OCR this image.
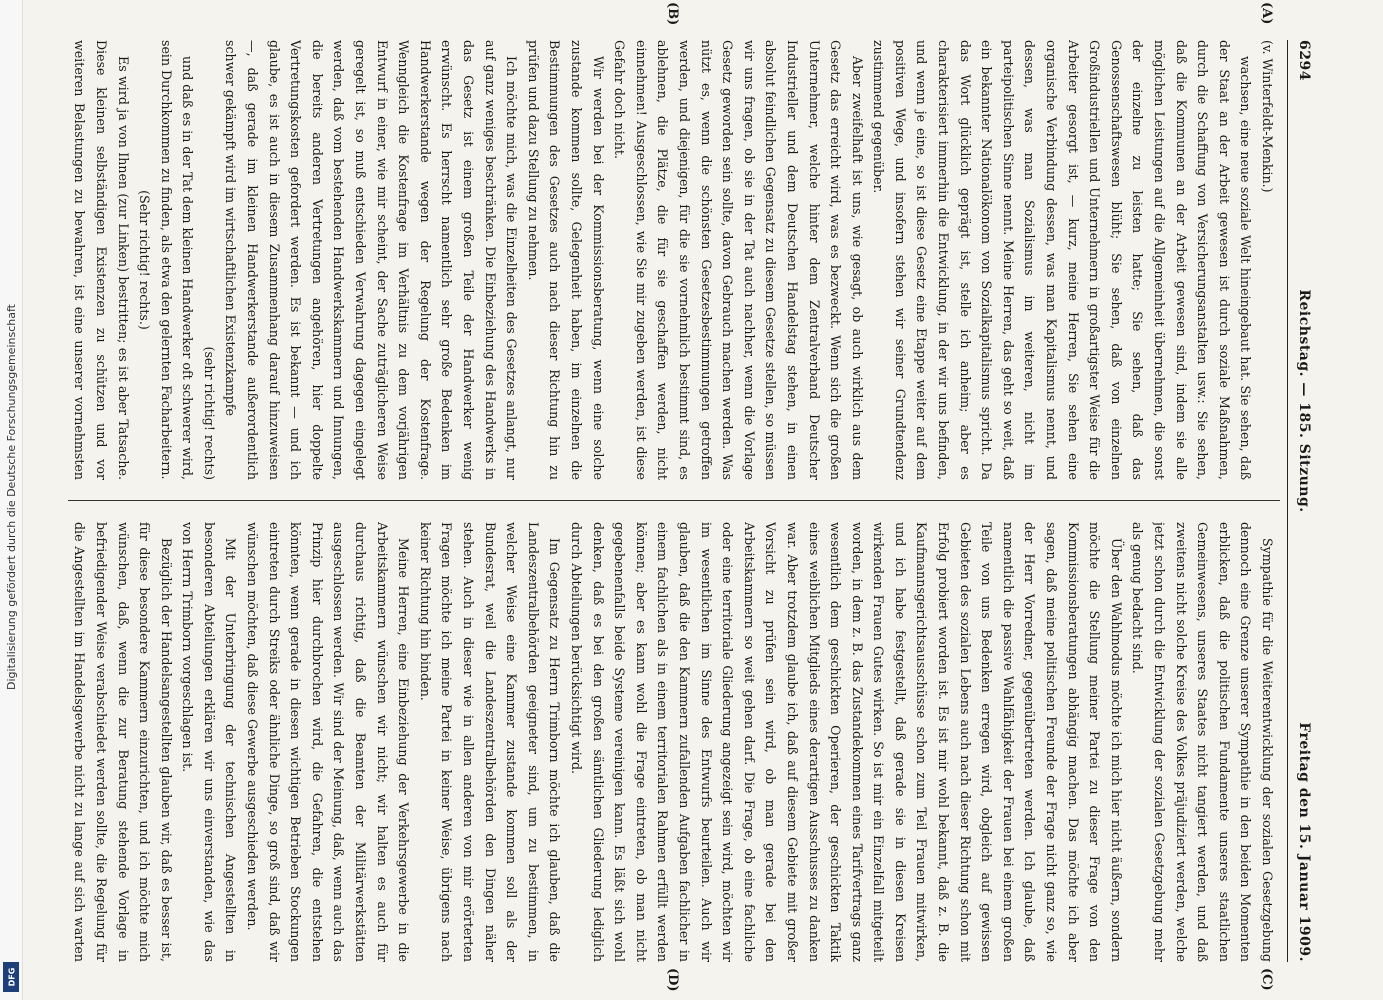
Digitalisierung gefördert durch die Deutsche Forschungsgemeinschaft
DFG
6294
Reichstag. — 185. Sitzung.
Freitag den 15. Januar 1909.
(A)
(B)
(C)
(D)

(v. Winterfeldt-Menkin.)

wachsen, eine neue soziale Welt hineingebaut hat. Sie sehen, daß der Staat an der Arbeit gewesen ist durch soziale Maßnahmen, durch die Schaffung von Versicherungsanstalten usw.: Sie sehen, daß die Kommunen an der Arbeit gewesen sind, indem sie alle möglichen Leistungen auf die Allgemeinheit übernehmen, die sonst der einzelne zu leisten hatte; Sie sehen, daß das Genossenschaftswesen blüht; Sie sehen, daß von einzelnen Großindustriellen und Unternehmern in großartigster Weise für die Arbeiter gesorgt ist, — kurz, meine Herren, Sie sehen eine organische Verbindung dessen, was man Kapitalismus nennt, und dessen, was man Sozialismus im weiteren, nicht im parteipolitischen Sinne nennt. Meine Herren, das geht so weit, daß ein bekannter Nationalökonom von Sozialkapitalismus spricht. Da das Wort glücklich geprägt ist, stelle ich anheim; aber es charakterisiert immerhin die Entwicklung, in der wir uns befinden, und wenn je eine, so ist diese Gesetz eine Etappe weiter auf dem positiven Wege, und insofern stehen wir seiner Grundtendenz zustimmend gegenüber.

Aber zweifelhaft ist uns, wie gesagt, ob auch wirklich aus dem Gesetz das erreicht wird, was es bezweckt. Wenn sich die großen Unternehmer, welche hinter dem Zentralverband Deutscher Industrieller und dem Deutschen Handelstag stehen, in einen absolut feindlichen Gegensatz zu diesem Gesetze stellen, so müssen wir uns fragen, ob sie in der Tat auch nachher, wenn die Vorlage Gesetz geworden sein sollte, davon Gebrauch machen werden. Was nützt es, wenn die schönsten Gesetzesbestimmungen getroffen werden, und diejenigen, für die sie vornehmlich bestimmt sind, es ablehnen, die Plätze, die für sie geschaffen werden, nicht einnehmen! Ausgeschlossen, wie Sie mir zugeben werden, ist diese Gefahr doch nicht.

Wir werden bei der Kommissionsberatung, wenn eine solche zustande kommen sollte, Gelegenheit haben, im einzelnen die Bestimmungen des Gesetzes auch nach dieser Richtung hin zu prüfen und dazu Stellung zu nehmen.

Ich möchte mich, was die Einzelheiten des Gesetzes anlangt, nur auf ganz weniges beschränken. Die Einbeziehung des Handwerks in das Gesetz ist einem großen Teile der Handwerker wenig erwünscht. Es herrscht namentlich sehr große Bedenken im Handwerkerstande wegen der Regelung der Kostenfrage. Wenngleich die Kostenfrage im Verhältnis zu dem vorjährigen Entwurf in einer, wie mir scheint, der Sache zuträglicheren Weise geregelt ist, so muß entschieden Verwahrung dagegen eingelegt werden, daß vom bestehenden Handwerkskammern und Innungen, die bereits anderen Vertretungen angehören, hier doppelte Vertretungskosten gefordert werden. Es ist bekannt — und ich glaube, es ist auch in diesem Zusammenhang darauf hinzuweisen —, daß gerade im kleinen Handwerkerstande außerordentlich schwer gekämpft wird im wirtschaftlichen Existenzkampfe

(sehr richtig! rechts)

und daß es in der Tat dem kleinen Handwerker oft schwerer wird, sein Durchkommen zu finden, als etwa den gelernten Facharbeitern.

(Sehr richtig! rechts.)

Es wird ja von Ihnen (zur Linken) bestritten; es ist aber Tatsache. Diese kleinen selbständigen Existenzen zu schützen und vor weiteren Belastungen zu bewahren, ist eine unserer vornehmsten

Sympathie für die Weiterentwicklung der sozialen Gesetzgebung dennoch eine Grenze unserer Sympathie in den beiden Momenten erblicken, daß die politischen Fundamente unseres staatlichen Gemeinwesens, unseres Staates nicht tangiert werden, und daß zweitens nicht solche Kreise des Volkes präjudiziert werden, welche jetzt schon durch die Entwicklung der sozialen Gesetzgebung mehr als genug bedacht sind.

Über den Wahlmodus möchte ich mich hier nicht äußern, sondern möchte die Stellung meiner Partei zu dieser Frage von den Kommissionsberatungen abhängig machen. Das möchte ich aber sagen, daß meine politischen Freunde der Frage nicht ganz so, wie der Herr Vorredner, gegenübertreten werden. Ich glaube, daß namentlich die passive Wahlfähigkeit der Frauen bei einem großen Teile von uns Bedenken erregen wird, obgleich auf gewissen Gebieten des sozialen Lebens auch nach dieser Richtung schon mit Erfolg probiert worden ist. Es ist mir wohl bekannt, daß z. B. die Kaufmannsgerichtsausschüsse schon zum Teil Frauen mitwirken, und ich habe festgestellt, daß gerade sie in diesen Kreisen wirkenden Frauen Gutes wirken. So ist mir ein Einzelfall mitgeteilt worden, in dem z. B. das Zustandekommen eines Tarifvertrags ganz wesentlich dem geschickten Operieren, der geschickten Taktik eines weiblichen Mitglieds eines derartigen Ausschusses zu danken war. Aber trotzdem glaube ich, daß auf diesem Gebiete mit großer Vorsicht zu prüfen sein wird, ob man gerade bei den Arbeitskammern so weit gehen darf. Die Frage, ob eine fachliche oder eine territoriale Gliederung angezeigt sein wird, möchten wir im wesentlichen im Sinne des Entwurfs beurteilen. Auch wir glauben, daß die den Kammern zufallenden Aufgaben fachlicher in einem fachlichen als in einem territorialen Rahmen erfüllt werden können; aber es kann wohl die Frage eintreten, ob man nicht gegebenenfalls beide Systeme vereinigen kann. Es läßt sich wohl denken, daß es bei den großen sämtlichen Gliederung lediglich durch Abteilungen berücksichtigt wird.

Im Gegensatz zu Herrn Trimborn möchte ich glauben, daß die Landeszentralbehörden geeigneter sind, um zu bestimmen, in welcher Weise eine Kammer zustande kommen soll als der Bundesrat, weil die Landeszentralbehörden den Dingen näher stehen. Auch in dieser wie in allen anderen von mir erörterten Fragen möchte ich meine Partei in keiner Weise, übrigens nach keiner Richtung hin binden.

Meine Herren, eine Einbeziehung der Verkehrsgewerbe in die Arbeitskammern wünschen wir nicht; wir halten es auch für durchaus richtig, daß die Beamten der Militärwerkstätten ausgeschlossen werden. Wir sind der Meinung, daß, wenn auch das Prinzip hier durchbrochen wird, die Gefahren, die entstehen könnten, wenn gerade in diesen wichtigen Betrieben Stockungen eintreten durch Streiks oder ähnliche Dinge, so groß sind, daß wir wünschen möchten, daß diese Gewerbe ausgeschieden werden.

Mit der Unterbringung der technischen Angestellten in besonderen Abteilungen erklären wir uns einverstanden, wie das von Herrn Trimborn vorgeschlagen ist.

Bezüglich der Handelsangestellten glauben wir, daß es besser ist, für diese besondere Kammern einzurichten, und ich möchte mich wünschen, daß, wenn die zur Beratung stehende Vorlage in befriedigender Weise verabschiedet werden sollte, die Regelung für die Angestellten im Handelsgewerbe nicht zu lange auf sich warten
